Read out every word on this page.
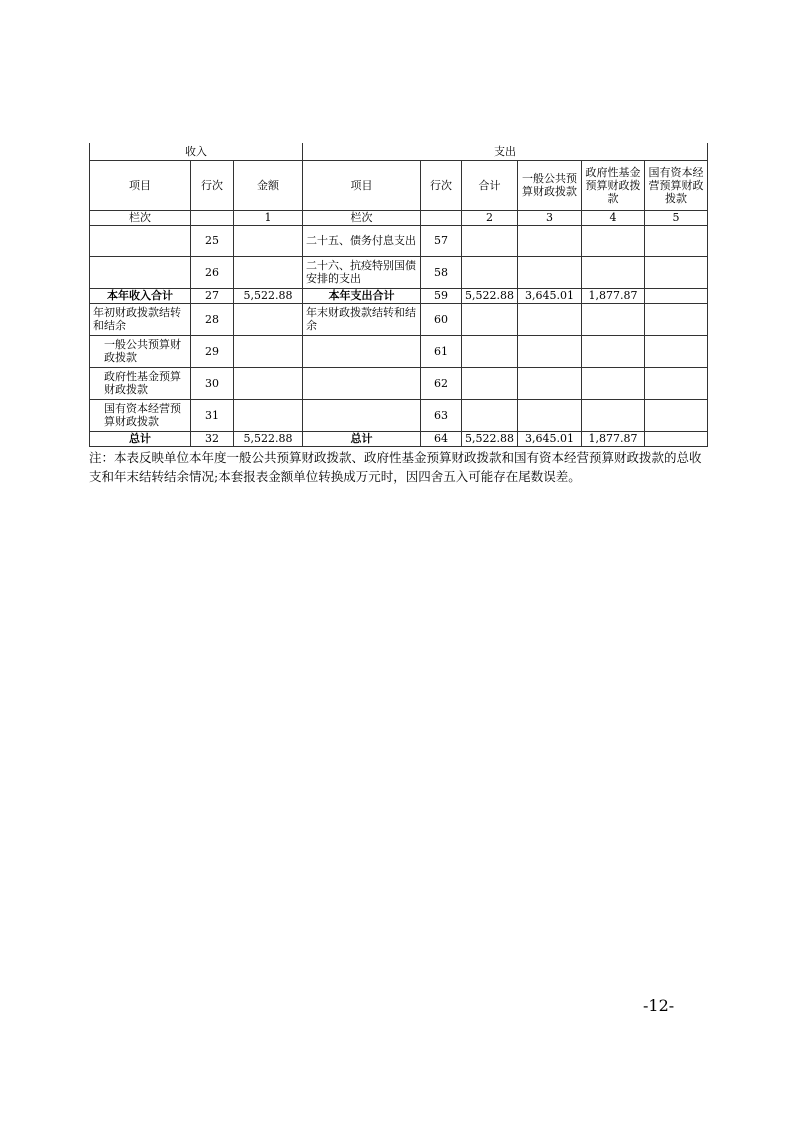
收入			支出					
项目	行次	金额	项目	行次	合计	一般公共预算财政拨款	政府性基金预算财政拨款	国有资本经营预算财政拨款
栏次		1	栏次		2	3	4	5
	25		二十五、债务付息支出	57				
	26		二十六、抗疫特别国债安排的支出	58				
本年收入合计	27	5,522.88	本年支出合计	59	5,522.88	3,645.01	1,877.87	
年初财政拨款结转和结余	28		年末财政拨款结转和结余	60				
一般公共预算财政拨款	29			61				
政府性基金预算财政拨款	30			62				
国有资本经营预算财政拨款	31			63				
总计	32	5,522.88	总计	64	5,522.88	3,645.01	1,877.87	

注：本表反映单位本年度一般公共预算财政拨款、政府性基金预算财政拨款和国有资本经营预算财政拨款的总收支和年末结转结余情况;本套报表金额单位转换成万元时，因四舍五入可能存在尾数误差。

-12-
